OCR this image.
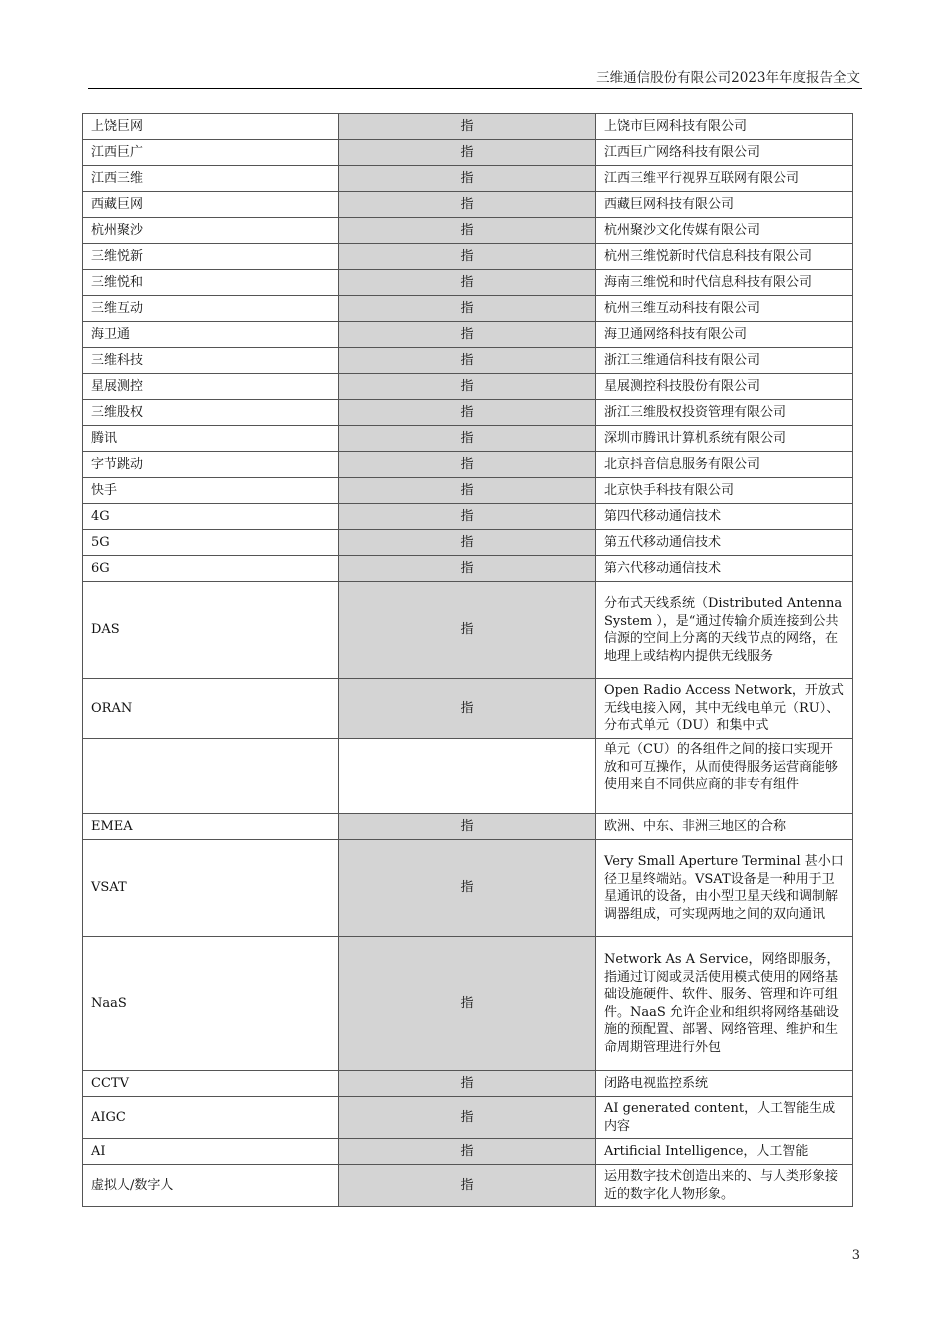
三维通信股份有限公司2023年年度报告全文
上饶巨网	指	上饶市巨网科技有限公司
江西巨广	指	江西巨广网络科技有限公司
江西三维	指	江西三维平行视界互联网有限公司
西藏巨网	指	西藏巨网科技有限公司
杭州聚沙	指	杭州聚沙文化传媒有限公司
三维悦新	指	杭州三维悦新时代信息科技有限公司
三维悦和	指	海南三维悦和时代信息科技有限公司
三维互动	指	杭州三维互动科技有限公司
海卫通	指	海卫通网络科技有限公司
三维科技	指	浙江三维通信科技有限公司
星展测控	指	星展测控科技股份有限公司
三维股权	指	浙江三维股权投资管理有限公司
腾讯	指	深圳市腾讯计算机系统有限公司
字节跳动	指	北京抖音信息服务有限公司
快手	指	北京快手科技有限公司
4G	指	第四代移动通信技术
5G	指	第五代移动通信技术
6G	指	第六代移动通信技术
DAS	指	分布式天线系统（Distributed Antenna System ），是“通过传输介质连接到公共信源的空间上分离的天线节点的网络，在地理上或结构内提供无线服务
ORAN	指	Open Radio Access Network，开放式无线电接入网，其中无线电单元（RU）、分布式单元（DU）和集中式
		单元（CU）的各组件之间的接口实现开放和可互操作，从而使得服务运营商能够使用来自不同供应商的非专有组件
EMEA	指	欧洲、中东、非洲三地区的合称
VSAT	指	Very Small Aperture Terminal 甚小口径卫星终端站。VSAT设备是一种用于卫星通讯的设备，由小型卫星天线和调制解调器组成，可实现两地之间的双向通讯
NaaS	指	Network As A Service，网络即服务，指通过订阅或灵活使用模式使用的网络基础设施硬件、软件、服务、管理和许可组件。NaaS 允许企业和组织将网络基础设施的预配置、部署、网络管理、维护和生命周期管理进行外包
CCTV	指	闭路电视监控系统
AIGC	指	AI generated content，人工智能生成内容
AI	指	Artificial Intelligence，人工智能
虚拟人/数字人	指	运用数字技术创造出来的、与人类形象接近的数字化人物形象。
3
